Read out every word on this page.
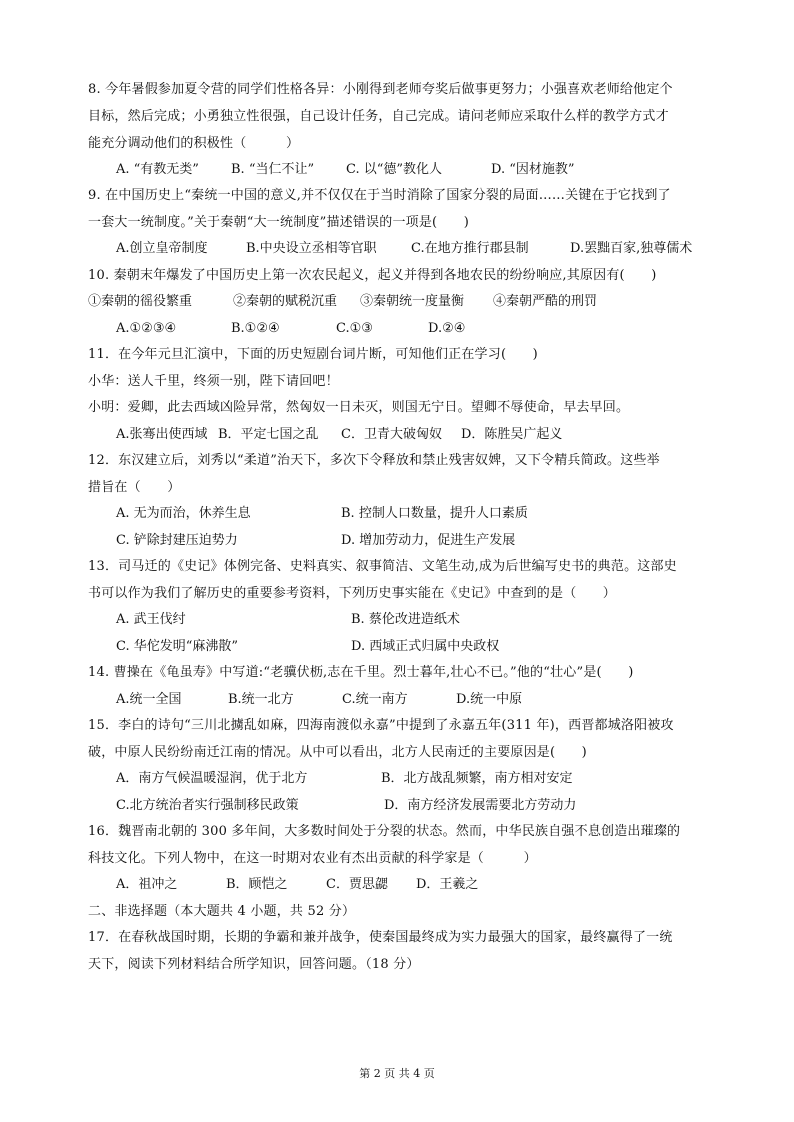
8. 今年暑假参加夏令营的同学们性格各异：小刚得到老师夸奖后做事更努力；小强喜欢老师给他定个
目标，然后完成；小勇独立性很强，自己设计任务，自己完成。请问老师应采取什么样的教学方式才
能充分调动他们的积极性（　　　）
A. “有教无类” B. “当仁不让” C. 以“德”教化人	D. “因材施教”
9. 在中国历史上“秦统一中国的意义,并不仅仅在于当时消除了国家分裂的局面……关键在于它找到了
一套大一统制度。”关于秦朝“大一统制度”描述错误的一项是(　　)
A.创立皇帝制度	B.中央设立丞相等官职	C.在地方推行郡县制	D.罢黜百家,独尊儒术
10. 秦朝末年爆发了中国历史上第一次农民起义，起义并得到各地农民的纷纷响应,其原因有(　　)
①秦朝的徭役繁重	②秦朝的赋税沉重 ③秦朝统一度量衡 ④秦朝严酷的刑罚
A.①②③④	B.①②④	C.①③	D.②④
11．在今年元旦汇演中，下面的历史短剧台词片断，可知他们正在学习(　　)
小华：送人千里，终须一别，陛下请回吧！
小明：爱卿，此去西域凶险异常，然匈奴一日未灭，则国无宁日。望卿不辱使命，早去早回。
A.张骞出使西域 B．平定七国之乱 C．卫青大破匈奴 D．陈胜吴广起义
12．东汉建立后，刘秀以“柔道”治天下，多次下令释放和禁止残害奴婢，又下令精兵简政。这些举
措旨在（　　）
A. 无为而治，休养生息	B. 控制人口数量，提升人口素质
C. 铲除封建压迫势力	D. 增加劳动力，促进生产发展
13．司马迁的《史记》体例完备、史料真实、叙事简洁、文笔生动,成为后世编写史书的典范。这部史
书可以作为我们了解历史的重要参考资料，下列历史事实能在《史记》中查到的是（　　）
A. 武王伐纣	B. 蔡伦改进造纸术
C. 华佗发明“麻沸散”	D. 西域正式归属中央政权
14. 曹操在《龟虽寿》中写道:“老骥伏枥,志在千里。烈士暮年,壮心不已。”他的“壮心”是(　　)
A.统一全国	B.统一北方	C.统一南方	D.统一中原
15．李白的诗句“三川北擄乱如麻，四海南渡似永嘉”中提到了永嘉五年(311 年)，西晋都城洛阳被攻
破，中原人民纷纷南迁江南的情况。从中可以看出，北方人民南迁的主要原因是(　　)
A．南方气候温暖湿润，优于北方	B．北方战乱频繁，南方相对安定
C.北方统治者实行强制移民政策	D．南方经济发展需要北方劳动力
16．魏晋南北朝的 300 多年间，大多数时间处于分裂的状态。然而，中华民族自强不息创造出璀璨的
科技文化。下列人物中，在这一时期对农业有杰出贡献的科学家是（　　　）
A．祖冲之	B．顾恺之	C．贾思勰 D．王羲之
二、非选择题（本大题共 4 小题，共 52 分）
17．在春秋战国时期，长期的争霸和兼并战争，使秦国最终成为实力最强大的国家，最终赢得了一统
天下，阅读下列材料结合所学知识，回答问题。（18 分）
第 2 页 共 4 页
